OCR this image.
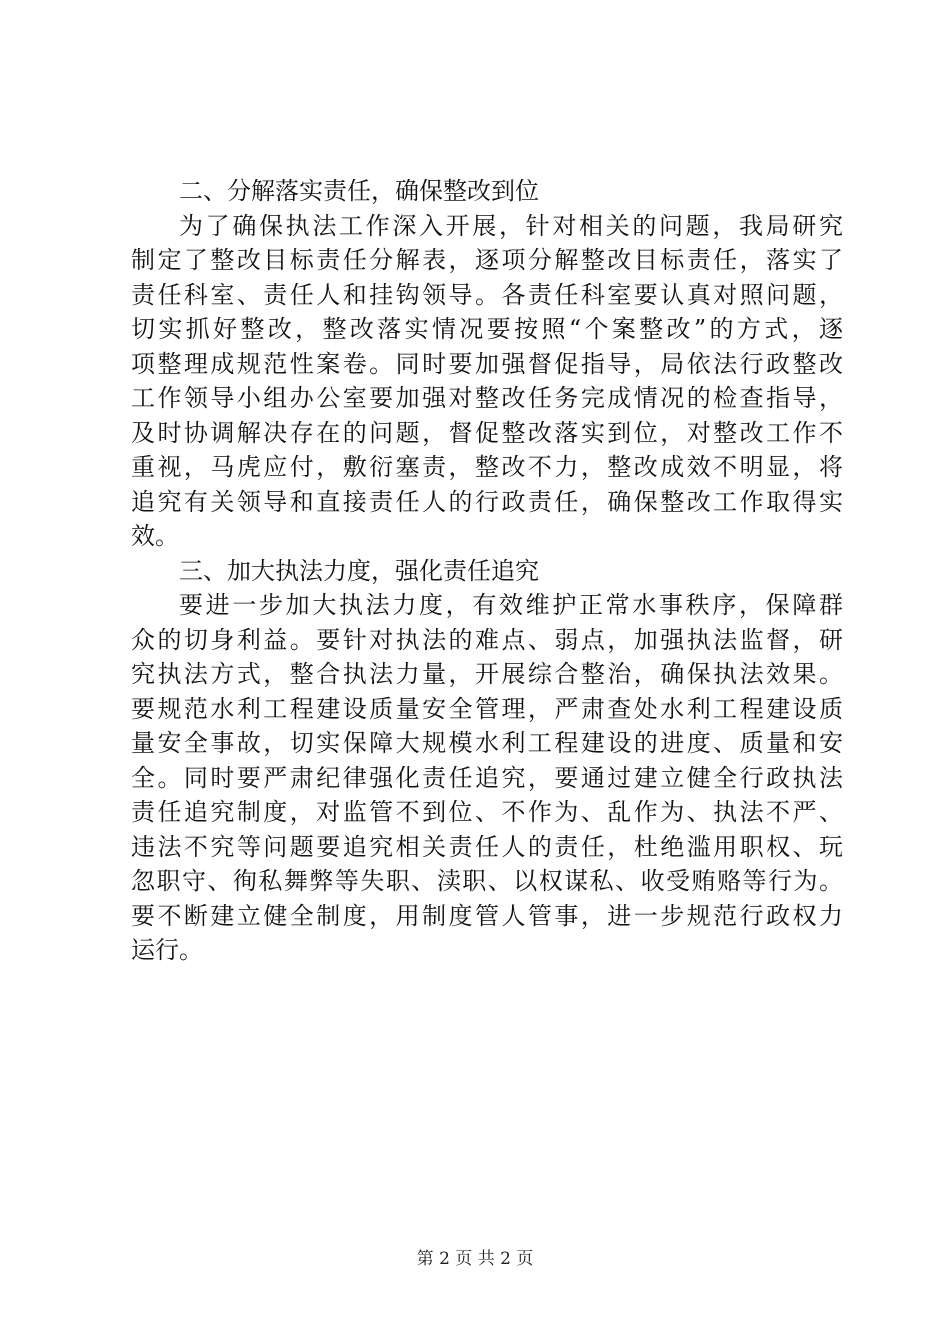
二、分解落实责任，确保整改到位
为了确保执法工作深入开展，针对相关的问题，我局研究
制定了整改目标责任分解表，逐项分解整改目标责任，落实了
责任科室、责任人和挂钩领导。各责任科室要认真对照问题，
切实抓好整改，整改落实情况要按照“个案整改”的方式，逐
项整理成规范性案卷。同时要加强督促指导，局依法行政整改
工作领导小组办公室要加强对整改任务完成情况的检查指导，
及时协调解决存在的问题，督促整改落实到位，对整改工作不
重视，马虎应付，敷衍塞责，整改不力，整改成效不明显，将
追究有关领导和直接责任人的行政责任，确保整改工作取得实
效。
三、加大执法力度，强化责任追究
要进一步加大执法力度，有效维护正常水事秩序，保障群
众的切身利益。要针对执法的难点、弱点，加强执法监督，研
究执法方式，整合执法力量，开展综合整治，确保执法效果。
要规范水利工程建设质量安全管理，严肃查处水利工程建设质
量安全事故，切实保障大规模水利工程建设的进度、质量和安
全。同时要严肃纪律强化责任追究，要通过建立健全行政执法
责任追究制度，对监管不到位、不作为、乱作为、执法不严、
违法不究等问题要追究相关责任人的责任，杜绝滥用职权、玩
忽职守、徇私舞弊等失职、渎职、以权谋私、收受贿赂等行为。
要不断建立健全制度，用制度管人管事，进一步规范行政权力
运行。
第 2 页 共 2 页
